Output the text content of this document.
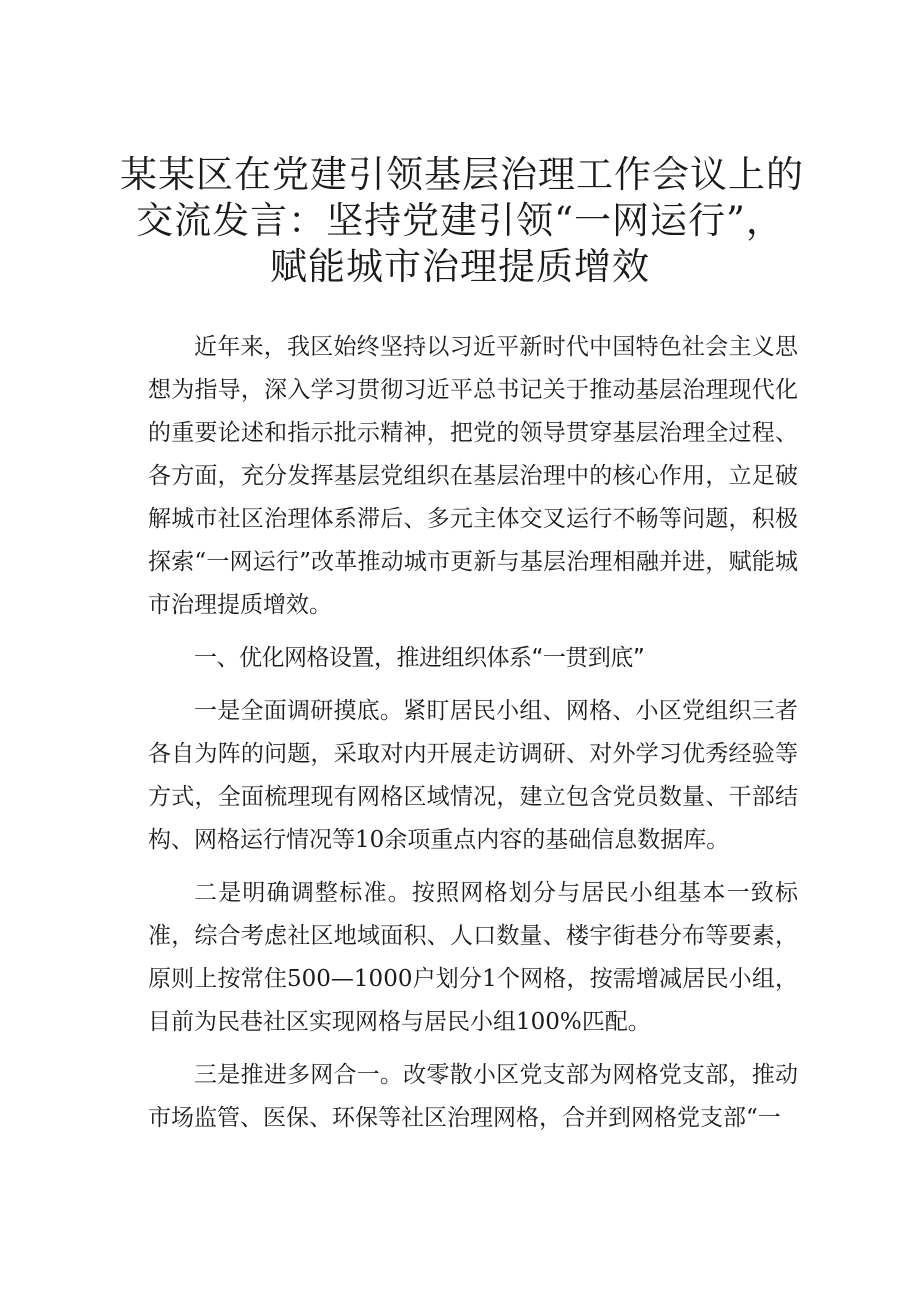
某某区在党建引领基层治理工作会议上的
交流发言：坚持党建引领“一网运行”，
赋能城市治理提质增效

近年来，我区始终坚持以习近平新时代中国特色社会主义思想为指导，深入学习贯彻习近平总书记关于推动基层治理现代化的重要论述和指示批示精神，把党的领导贯穿基层治理全过程、各方面，充分发挥基层党组织在基层治理中的核心作用，立足破解城市社区治理体系滞后、多元主体交叉运行不畅等问题，积极探索“一网运行”改革推动城市更新与基层治理相融并进，赋能城市治理提质增效。

一、优化网格设置，推进组织体系“一贯到底”

一是全面调研摸底。紧盯居民小组、网格、小区党组织三者各自为阵的问题，采取对内开展走访调研、对外学习优秀经验等方式，全面梳理现有网格区域情况，建立包含党员数量、干部结构、网格运行情况等10余项重点内容的基础信息数据库。

二是明确调整标准。按照网格划分与居民小组基本一致标准，综合考虑社区地域面积、人口数量、楼宇街巷分布等要素，原则上按常住500—1000户划分1个网格，按需增减居民小组，目前为民巷社区实现网格与居民小组100%匹配。

三是推进多网合一。改零散小区党支部为网格党支部，推动市场监管、医保、环保等社区治理网格，合并到网格党支部“一
